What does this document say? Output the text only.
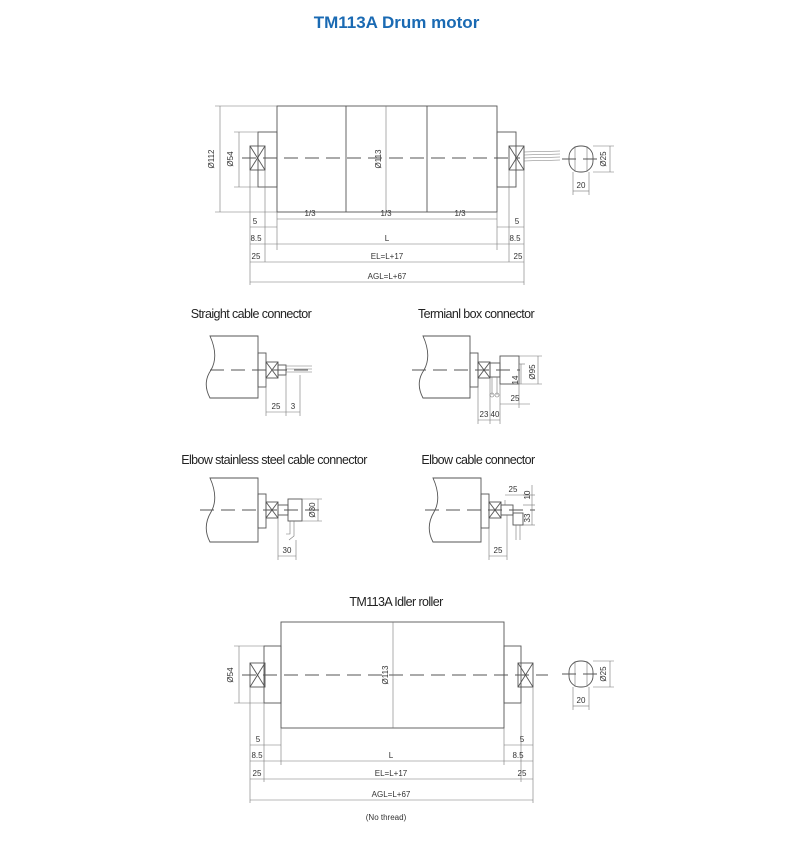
TM113A Drum motor
Ø112 Ø54	Ø113
1/3	1/3	1/3
5	5
8.5	8.5
L
25	25
EL=L+17
AGL=L+67
Ø25
20
Straight cable connector	Termianl box connector
Elbow stainless steel cable connector	Elbow cable connector
25 3
Ø95
14
25
23 40
Ø30
30
25
10
33
25
TM113A Idler roller
Ø54	Ø113
5	5
8.5	8.5
L
25	25
EL=L+17
AGL=L+67
(No thread)
Ø25
20
